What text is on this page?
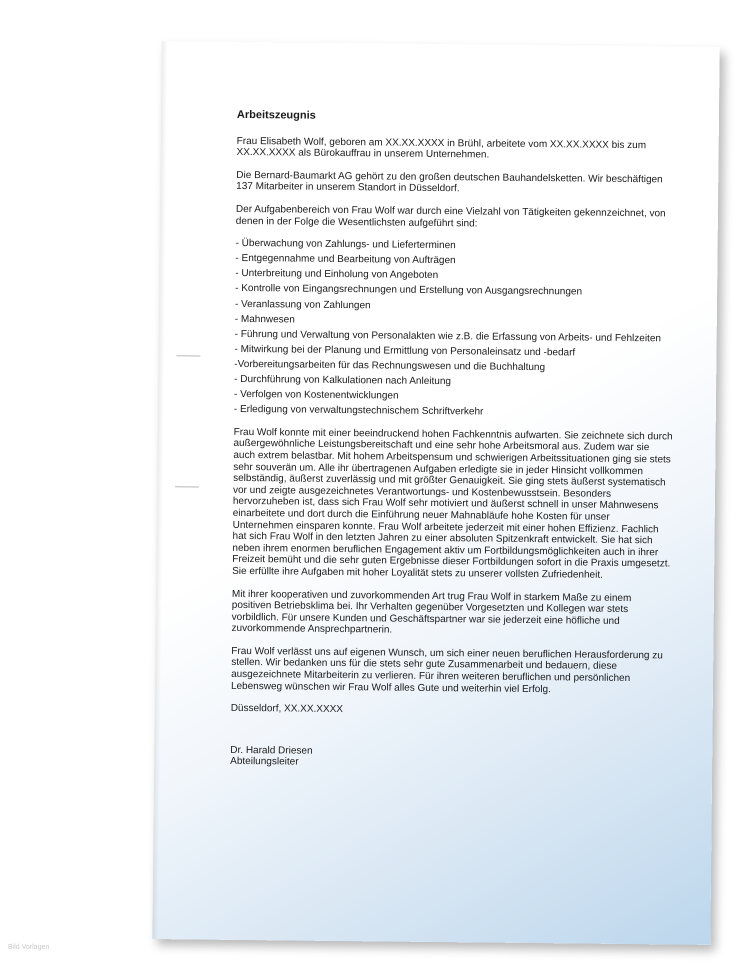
Arbeitszeugnis

Frau Elisabeth Wolf, geboren am XX.XX.XXXX in Brühl, arbeitete vom XX.XX.XXXX bis zum XX.XX.XXXX als Bürokauffrau in unserem Unternehmen.

Die Bernard-Baumarkt AG gehört zu den großen deutschen Bauhandelsketten. Wir beschäftigen 137 Mitarbeiter in unserem Standort in Düsseldorf.

Der Aufgabenbereich von Frau Wolf war durch eine Vielzahl von Tätigkeiten gekennzeichnet, von denen in der Folge die Wesentlichsten aufgeführt sind:

- Überwachung von Zahlungs- und Lieferterminen
- Entgegennahme und Bearbeitung von Aufträgen
- Unterbreitung und Einholung von Angeboten
- Kontrolle von Eingangsrechnungen und Erstellung von Ausgangsrechnungen
- Veranlassung von Zahlungen
- Mahnwesen
- Führung und Verwaltung von Personalakten wie z.B. die Erfassung von Arbeits- und Fehlzeiten
- Mitwirkung bei der Planung und Ermittlung von Personaleinsatz und -bedarf
-Vorbereitungsarbeiten für das Rechnungswesen und die Buchhaltung
- Durchführung von Kalkulationen nach Anleitung
- Verfolgen von Kostenentwicklungen
- Erledigung von verwaltungstechnischem Schriftverkehr

Frau Wolf konnte mit einer beeindruckend hohen Fachkenntnis aufwarten. Sie zeichnete sich durch außergewöhnliche Leistungsbereitschaft und eine sehr hohe Arbeitsmoral aus. Zudem war sie auch extrem belastbar. Mit hohem Arbeitspensum und schwierigen Arbeitssituationen ging sie stets sehr souverän um. Alle ihr übertragenen Aufgaben erledigte sie in jeder Hinsicht vollkommen selbständig, äußerst zuverlässig und mit größter Genauigkeit. Sie ging stets äußerst systematisch vor und zeigte ausgezeichnetes Verantwortungs- und Kostenbewusstsein. Besonders hervorzuheben ist, dass sich Frau Wolf sehr motiviert und äußerst schnell in unser Mahnwesens einarbeitete und dort durch die Einführung neuer Mahnabläufe hohe Kosten für unser Unternehmen einsparen konnte. Frau Wolf arbeitete jederzeit mit einer hohen Effizienz. Fachlich hat sich Frau Wolf in den letzten Jahren zu einer absoluten Spitzenkraft entwickelt. Sie hat sich neben ihrem enormen beruflichen Engagement aktiv um Fortbildungsmöglichkeiten auch in ihrer Freizeit bemüht und die sehr guten Ergebnisse dieser Fortbildungen sofort in die Praxis umgesetzt. Sie erfüllte ihre Aufgaben mit hoher Loyalität stets zu unserer vollsten Zufriedenheit.

Mit ihrer kooperativen und zuvorkommenden Art trug Frau Wolf in starkem Maße zu einem positiven Betriebsklima bei. Ihr Verhalten gegenüber Vorgesetzten und Kollegen war stets vorbildlich. Für unsere Kunden und Geschäftspartner war sie jederzeit eine höfliche und zuvorkommende Ansprechpartnerin.

Frau Wolf verlässt uns auf eigenen Wunsch, um sich einer neuen beruflichen Herausforderung zu stellen. Wir bedanken uns für die stets sehr gute Zusammenarbeit und bedauern, diese ausgezeichnete Mitarbeiterin zu verlieren. Für ihren weiteren beruflichen und persönlichen Lebensweg wünschen wir Frau Wolf alles Gute und weiterhin viel Erfolg.

Düsseldorf, XX.XX.XXXX

Dr. Harald Driesen

Abteilungsleiter

Bild Vorlagen
